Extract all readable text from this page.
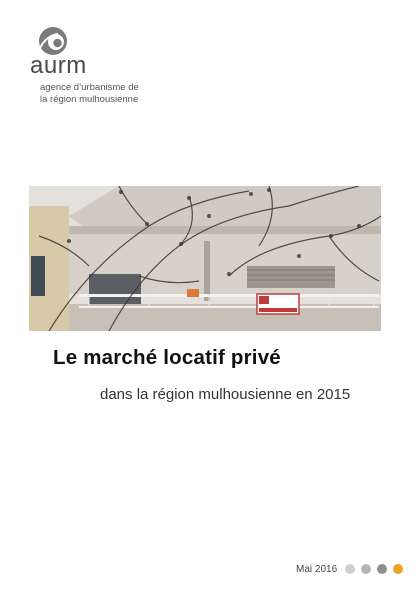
aurm
agence d’urbanisme de
la région mulhousienne
Le marché locatif privé
dans la région mulhousienne en 2015
Mai 2016
